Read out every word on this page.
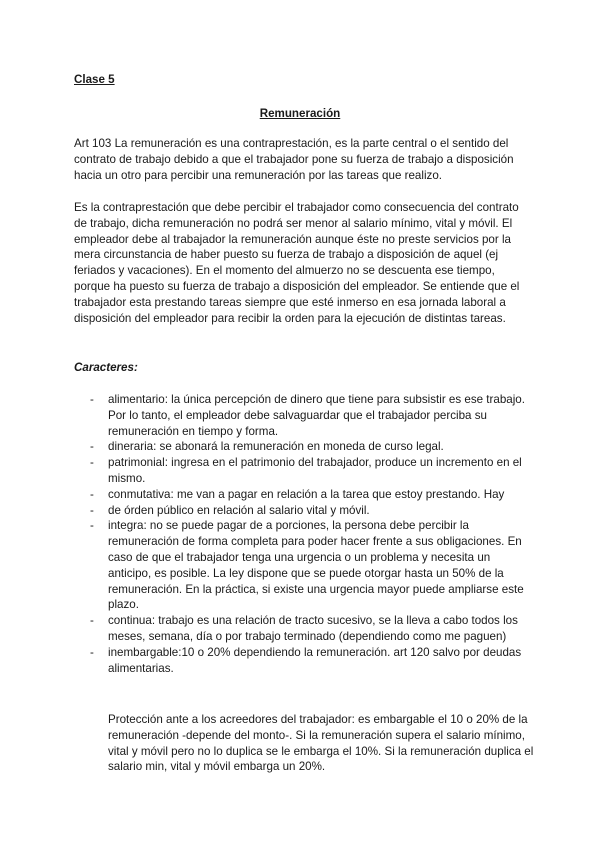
Clase 5
Remuneración

Art 103 La remuneración es una contraprestación, es la parte central o el sentido del contrato de trabajo debido a que el trabajador pone su fuerza de trabajo a disposición hacia un otro para percibir una remuneración por las tareas que realizo.

Es la contraprestación que debe percibir el trabajador como consecuencia del contrato de trabajo, dicha remuneración no podrá ser menor al salario mínimo, vital y móvil. El empleador debe al trabajador la remuneración aunque éste no preste servicios por la mera circunstancia de haber puesto su fuerza de trabajo a disposición de aquel (ej feriados y vacaciones). En el momento del almuerzo no se descuenta ese tiempo, porque ha puesto su fuerza de trabajo a disposición del empleador. Se entiende que el trabajador esta prestando tareas siempre que esté inmerso en esa jornada laboral a disposición del empleador para recibir la orden para la ejecución de distintas tareas.

Caracteres:
- alimentario: la única percepción de dinero que tiene para subsistir es ese trabajo. Por lo tanto, el empleador debe salvaguardar que el trabajador perciba su remuneración en tiempo y forma.
- dineraria: se abonará la remuneración en moneda de curso legal.
- patrimonial: ingresa en el patrimonio del trabajador, produce un incremento en el mismo.
- conmutativa: me van a pagar en relación a la tarea que estoy prestando. Hay
- de órden público en relación al salario vital y móvil.
- integra: no se puede pagar de a porciones, la persona debe percibir la remuneración de forma completa para poder hacer frente a sus obligaciones. En caso de que el trabajador tenga una urgencia o un problema y necesita un anticipo, es posible. La ley dispone que se puede otorgar hasta un 50% de la remuneración. En la práctica, si existe una urgencia mayor puede ampliarse este plazo.
- continua: trabajo es una relación de tracto sucesivo, se la lleva a cabo todos los meses, semana, día o por trabajo terminado (dependiendo como me paguen)
- inembargable:10 o 20% dependiendo la remuneración. art 120 salvo por deudas alimentarias.

Protección ante a los acreedores del trabajador: es embargable el 10 o 20% de la remuneración -depende del monto-. Si la remuneración supera el salario mínimo, vital y móvil pero no lo duplica se le embarga el 10%. Si la remuneración duplica el salario min, vital y móvil embarga un 20%.
